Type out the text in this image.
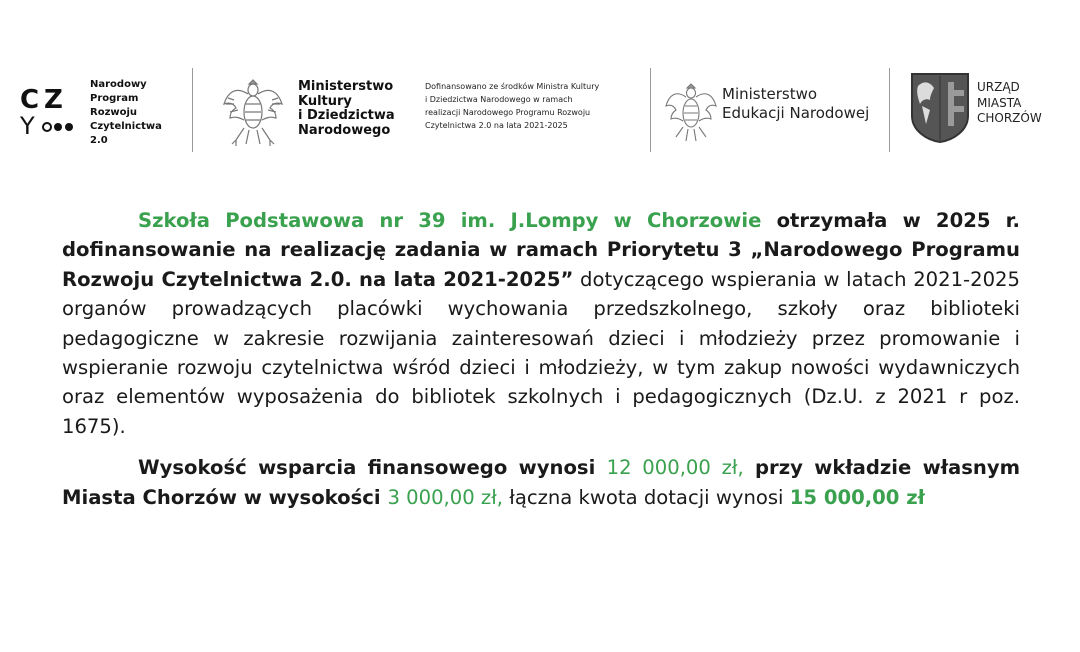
C Z
Y
Narodowy
Program
Rozwoju
Czytelnictwa
2.0
Ministerstwo
Kultury
i Dziedzictwa
Narodowego
Dofinansowano ze środków Ministra Kultury
i Dziedzictwa Narodowego w ramach
realizacji Narodowego Programu Rozwoju
Czytelnictwa 2.0 na lata 2021-2025
Ministerstwo
Edukacji Narodowej
URZĄD
MIASTA
CHORZÓW

Szkoła Podstawowa nr 39 im. J.Lompy w Chorzowie otrzymała w 2025 r. dofinansowanie na realizację zadania w ramach Priorytetu 3 „Narodowego Programu Rozwoju Czytelnictwa 2.0. na lata 2021-2025” dotyczącego wspierania w latach 2021-2025 organów prowadzących placówki wychowania przedszkolnego, szkoły oraz biblioteki pedagogiczne w zakresie rozwijania zainteresowań dzieci i młodzieży przez promowanie i wspieranie rozwoju czytelnictwa wśród dzieci i młodzieży, w tym zakup nowości wydawniczych oraz elementów wyposażenia do bibliotek szkolnych i pedagogicznych (Dz.U. z 2021 r poz. 1675).

Wysokość wsparcia finansowego wynosi 12 000,00 zł, przy wkładzie własnym Miasta Chorzów w wysokości 3 000,00 zł, łączna kwota dotacji wynosi 15 000,00 zł
